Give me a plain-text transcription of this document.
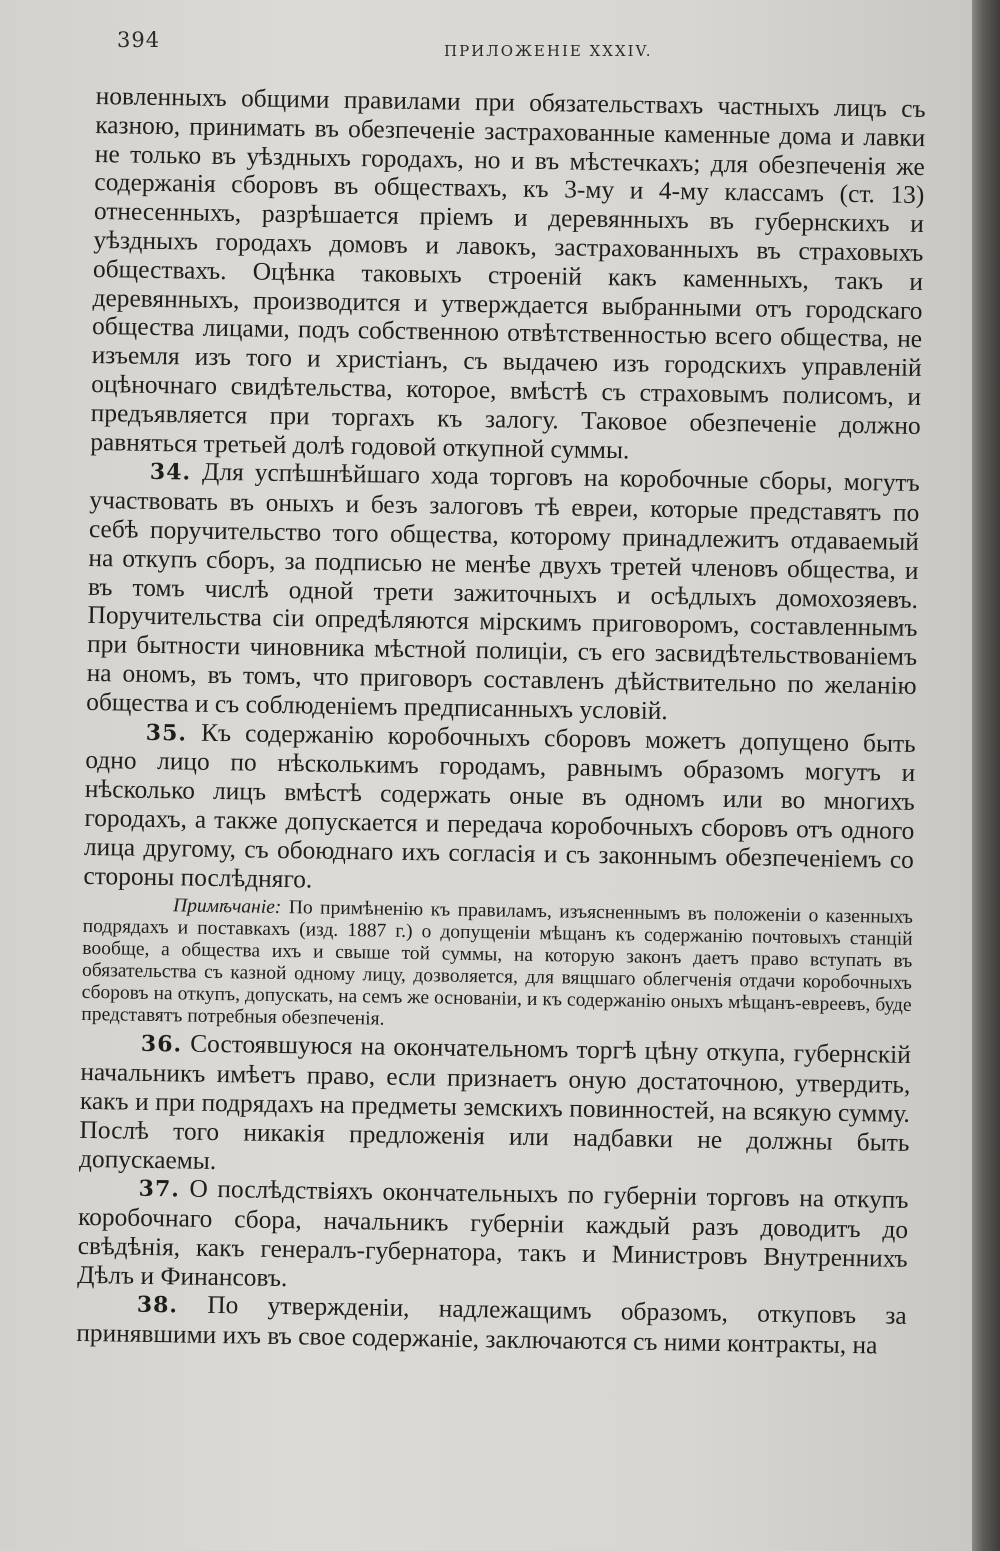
394	ПРИЛОЖЕНІЕ XXXIV.

новленныхъ общими правилами при обязательствахъ частныхъ лицъ съ казною, принимать въ обезпеченіе застрахованные каменные дома и лавки не только въ уѣздныхъ городахъ, но и въ мѣстечкахъ; для обезпеченія же содержанія сборовъ въ обществахъ, къ 3-му и 4-му классамъ (ст. 13) отнесенныхъ, разрѣшается пріемъ и деревянныхъ въ губернскихъ и уѣздныхъ городахъ домовъ и лавокъ, застрахованныхъ въ страховыхъ обществахъ. Оцѣнка таковыхъ строеній какъ каменныхъ, такъ и деревянныхъ, производится и утверждается выбранными отъ городскаго общества лицами, подъ собственною отвѣтственностью всего общества, не изъемля изъ того и христіанъ, съ выдачею изъ городскихъ управленій оцѣночнаго свидѣтельства, которое, вмѣстѣ съ страховымъ полисомъ, и предъявляется при торгахъ къ залогу. Таковое обезпеченіе должно равняться третьей долѣ годовой откупной суммы.

34. Для успѣшнѣйшаго хода торговъ на коробочные сборы, могутъ участвовать въ оныхъ и безъ залоговъ тѣ евреи, которые представятъ по себѣ поручительство того общества, которому принадлежитъ отдаваемый на откупъ сборъ, за подписью не менѣе двухъ третей членовъ общества, и въ томъ числѣ одной трети зажиточныхъ и осѣдлыхъ домохозяевъ. Поручительства сіи опредѣляются мірскимъ приговоромъ, составленнымъ при бытности чиновника мѣстной полиціи, съ его засвидѣтельствованіемъ на ономъ, въ томъ, что приговоръ составленъ дѣйствительно по желанію общества и съ соблюденіемъ предписанныхъ условій.

35. Къ содержанію коробочныхъ сборовъ можетъ допущено быть одно лицо по нѣсколькимъ городамъ, равнымъ образомъ могутъ и нѣсколько лицъ вмѣстѣ содержать оные въ одномъ или во многихъ городахъ, а также допускается и передача коробочныхъ сборовъ отъ одного лица другому, съ обоюднаго ихъ согласія и съ законнымъ обезпеченіемъ со стороны послѣдняго.

Примѣчаніе: По примѣненію къ правиламъ, изъясненнымъ въ положеніи о казенныхъ подрядахъ и поставкахъ (изд. 1887 г.) о допущеніи мѣщанъ къ содержанію почтовыхъ станцій вообще, а общества ихъ и свыше той суммы, на которую законъ даетъ право вступать въ обязательства съ казной одному лицу, дозволяется, для вящшаго облегченія отдачи коробочныхъ сборовъ на откупъ, допускать, на семъ же основаніи, и къ содержанію оныхъ мѣщанъ-евреевъ, буде представятъ потребныя обезпеченія.

36. Состоявшуюся на окончательномъ торгѣ цѣну откупа, губернскій начальникъ имѣетъ право, если признаетъ оную достаточною, утвердить, какъ и при подрядахъ на предметы земскихъ повинностей, на всякую сумму. Послѣ того никакія предложенія или надбавки не должны быть допускаемы.

37. О послѣдствіяхъ окончательныхъ по губерніи торговъ на откупъ коробочнаго сбора, начальникъ губерніи каждый разъ доводитъ до свѣдѣнія, какъ генералъ-губернатора, такъ и Министровъ Внутреннихъ Дѣлъ и Финансовъ.

38. По утвержденіи, надлежащимъ образомъ, откуповъ за принявшими ихъ въ свое содержаніе, заключаются съ ними контракты, на
